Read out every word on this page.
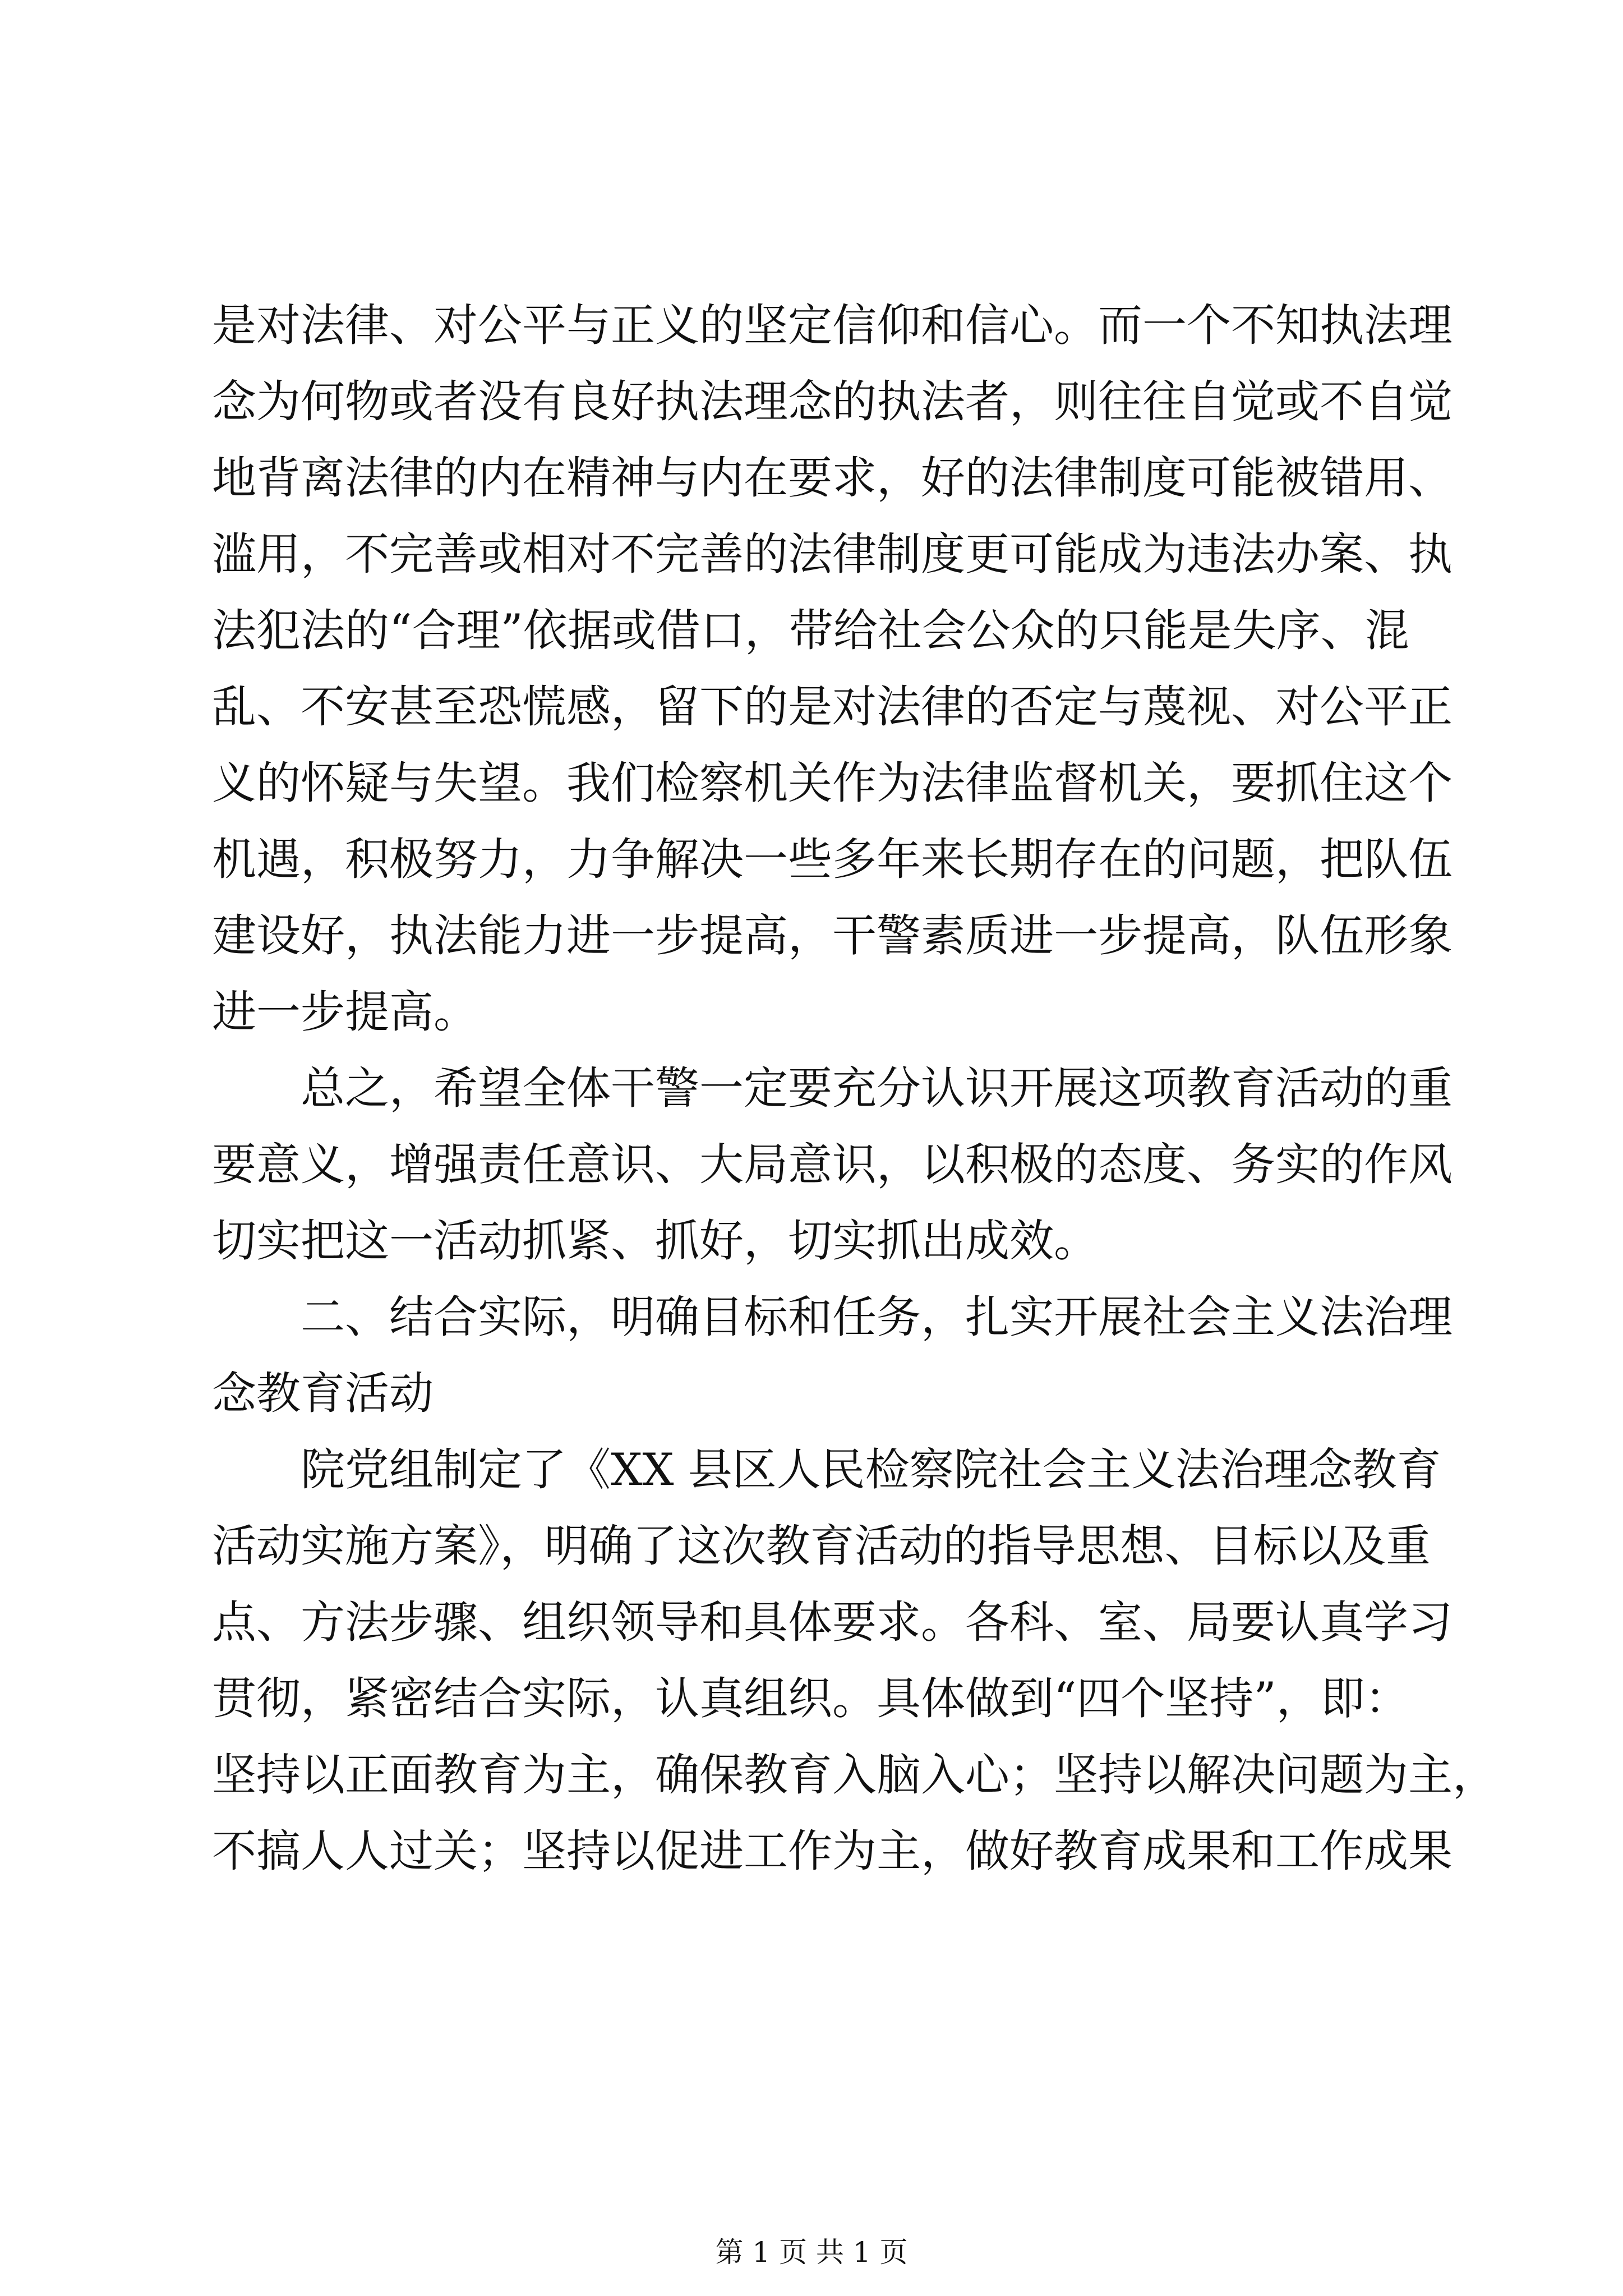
是对法律、对公平与正义的坚定信仰和信心。而一个不知执法理
念为何物或者没有良好执法理念的执法者，则往往自觉或不自觉
地背离法律的内在精神与内在要求，好的法律制度可能被错用、
滥用，不完善或相对不完善的法律制度更可能成为违法办案、执
法犯法的“合理”依据或借口，带给社会公众的只能是失序、混
乱、不安甚至恐慌感，留下的是对法律的否定与蔑视、对公平正
义的怀疑与失望。我们检察机关作为法律监督机关，要抓住这个
机遇，积极努力，力争解决一些多年来长期存在的问题，把队伍
建设好，执法能力进一步提高，干警素质进一步提高，队伍形象
进一步提高。
总之，希望全体干警一定要充分认识开展这项教育活动的重
要意义，增强责任意识、大局意识，以积极的态度、务实的作风
切实把这一活动抓紧、抓好，切实抓出成效。
二、结合实际，明确目标和任务，扎实开展社会主义法治理
念教育活动
院党组制定了《XX 县区人民检察院社会主义法治理念教育
活动实施方案》，明确了这次教育活动的指导思想、目标以及重
点、方法步骤、组织领导和具体要求。各科、室、局要认真学习
贯彻，紧密结合实际，认真组织。具体做到“四个坚持”，即：
坚持以正面教育为主，确保教育入脑入心；坚持以解决问题为主，
不搞人人过关；坚持以促进工作为主，做好教育成果和工作成果
第 1 页 共 1 页
